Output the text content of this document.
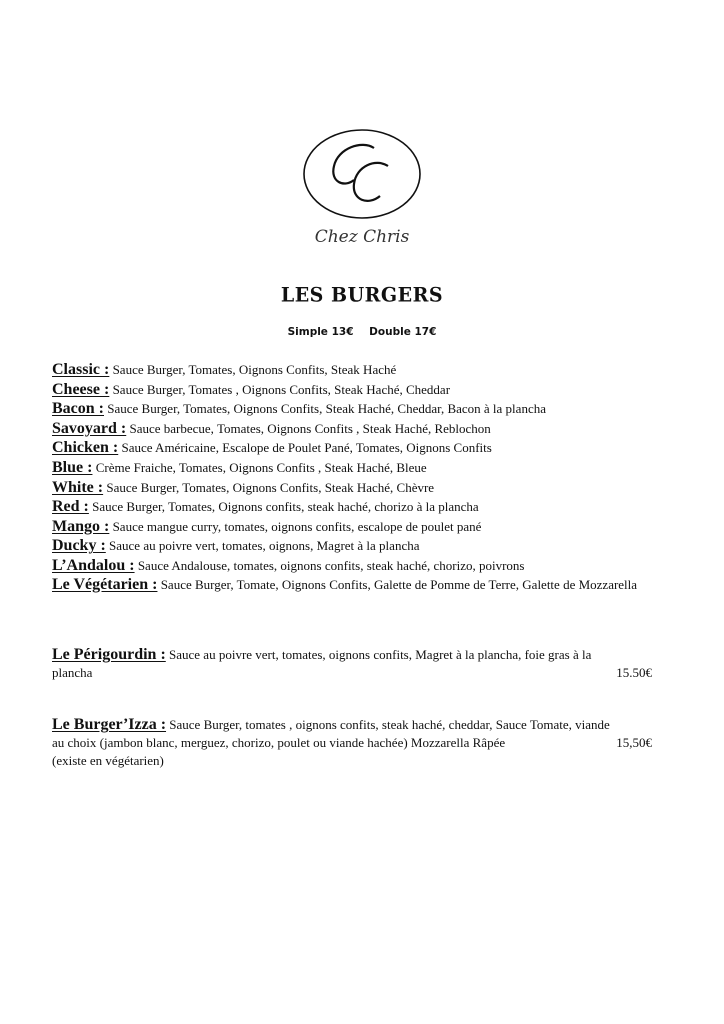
Chez Chris
LES BURGERS
Simple 13€ Double 17€
Classic : Sauce Burger, Tomates, Oignons Confits, Steak Haché
Cheese : Sauce Burger, Tomates , Oignons Confits, Steak Haché, Cheddar
Bacon : Sauce Burger, Tomates, Oignons Confits, Steak Haché, Cheddar, Bacon à la plancha
Savoyard : Sauce barbecue, Tomates, Oignons Confits , Steak Haché, Reblochon
Chicken : Sauce Américaine, Escalope de Poulet Pané, Tomates, Oignons Confits
Blue : Crème Fraiche, Tomates, Oignons Confits , Steak Haché, Bleue
White : Sauce Burger, Tomates, Oignons Confits, Steak Haché, Chèvre
Red : Sauce Burger, Tomates, Oignons confits, steak haché, chorizo à la plancha
Mango : Sauce mangue curry, tomates, oignons confits, escalope de poulet pané
Ducky : Sauce au poivre vert, tomates, oignons, Magret à la plancha
L’Andalou : Sauce Andalouse, tomates, oignons confits, steak haché, chorizo, poivrons
Le Végétarien : Sauce Burger, Tomate, Oignons Confits, Galette de Pomme de Terre, Galette de Mozzarella
Le Périgourdin : Sauce au poivre vert, tomates, oignons confits, Magret à la plancha, foie gras à la
plancha	15.50€
Le Burger’Izza : Sauce Burger, tomates , oignons confits, steak haché, cheddar, Sauce Tomate, viande
au choix (jambon blanc, merguez, chorizo, poulet ou viande hachée) Mozzarella Râpée	15,50€
(existe en végétarien)
